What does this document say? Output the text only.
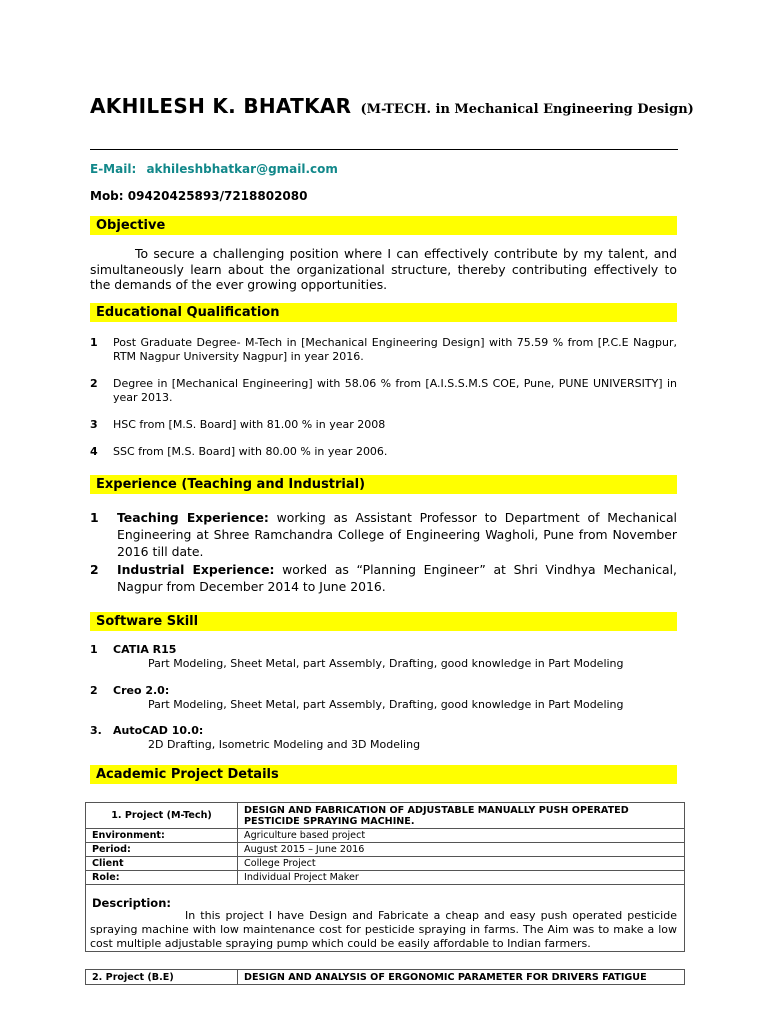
AKHILESH K. BHATKAR (M-TECH. in Mechanical Engineering Design)
E-Mail: akhileshbhatkar@gmail.com
Mob: 09420425893/7218802080
Objective
To secure a challenging position where I can effectively contribute by my talent, and simultaneously learn about the organizational structure, thereby contributing effectively to the demands of the ever growing opportunities.
Educational Qualification
1 Post Graduate Degree- M-Tech in [Mechanical Engineering Design] with 75.59 % from [P.C.E Nagpur, RTM Nagpur University Nagpur] in year 2016.
2 Degree in [Mechanical Engineering] with 58.06 % from [A.I.S.S.M.S COE, Pune, PUNE UNIVERSITY] in year 2013.
3 HSC from [M.S. Board] with 81.00 % in year 2008
4 SSC from [M.S. Board] with 80.00 % in year 2006.
Experience (Teaching and Industrial)
1 Teaching Experience: working as Assistant Professor to Department of Mechanical Engineering at Shree Ramchandra College of Engineering Wagholi, Pune from November 2016 till date.
2 Industrial Experience: worked as “Planning Engineer” at Shri Vindhya Mechanical, Nagpur from December 2014 to June 2016.
Software Skill
1 CATIA R15
Part Modeling, Sheet Metal, part Assembly, Drafting, good knowledge in Part Modeling
2 Creo 2.0:
Part Modeling, Sheet Metal, part Assembly, Drafting, good knowledge in Part Modeling
3. AutoCAD 10.0:
2D Drafting, Isometric Modeling and 3D Modeling
Academic Project Details
1. Project (M-Tech)	DESIGN AND FABRICATION OF ADJUSTABLE MANUALLY PUSH OPERATED PESTICIDE SPRAYING MACHINE.
Environment:	Agriculture based project
Period:	August 2015 – June 2016
Client	College Project
Role:	Individual Project Maker
Description:
In this project I have Design and Fabricate a cheap and easy push operated pesticide spraying machine with low maintenance cost for pesticide spraying in farms. The Aim was to make a low cost multiple adjustable spraying pump which could be easily affordable to Indian farmers.
2. Project (B.E)	DESIGN AND ANALYSIS OF ERGONOMIC PARAMETER FOR DRIVERS FATIGUE
